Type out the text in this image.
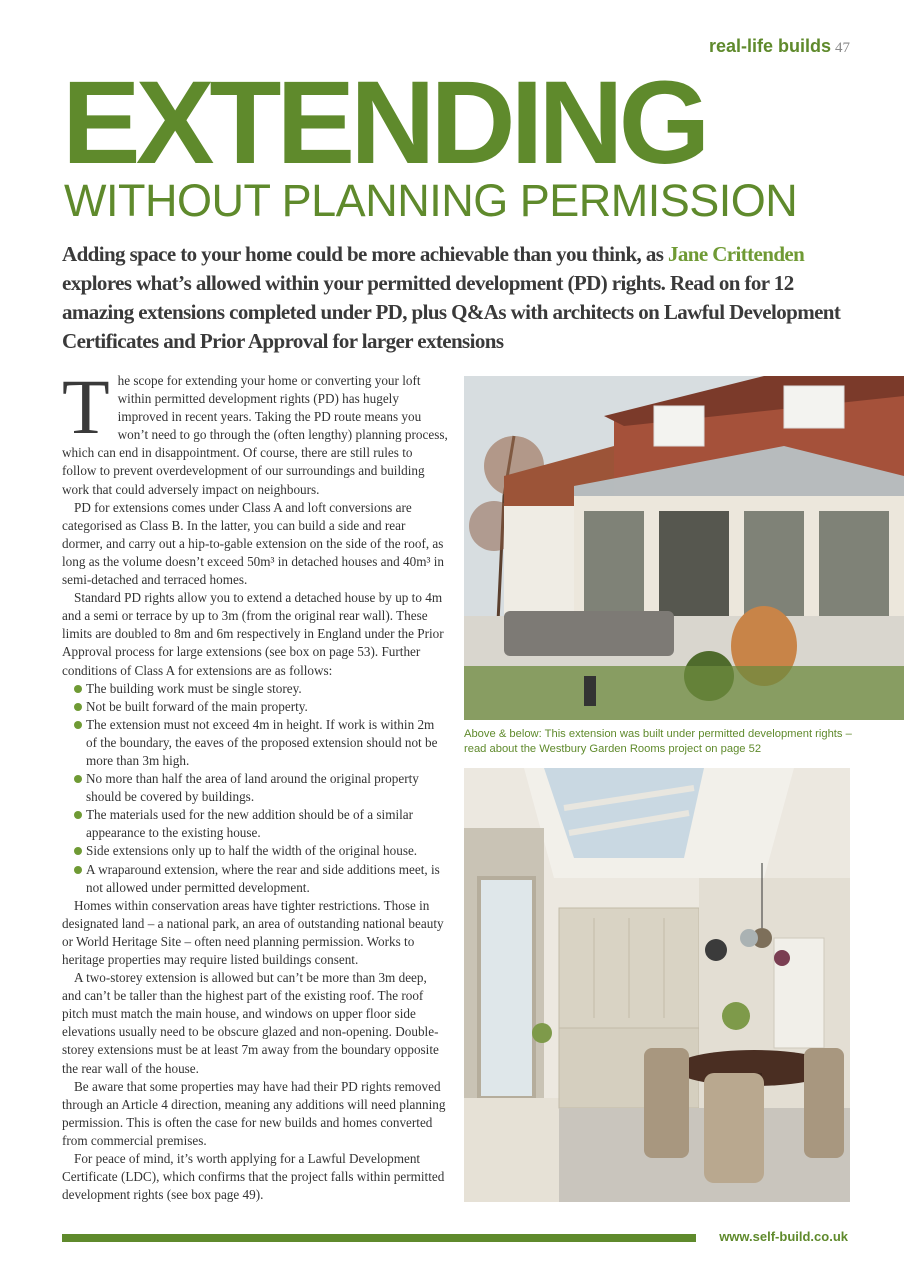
real-life builds 47
EXTENDING
WITHOUT PLANNING PERMISSION
Adding space to your home could be more achievable than you think, as Jane Crittenden explores what’s allowed within your permitted development (PD) rights. Read on for 12 amazing extensions completed under PD, plus Q&As with architects on Lawful Development Certificates and Prior Approval for larger extensions

The scope for extending your home or converting your loft within permitted development rights (PD) has hugely improved in recent years. Taking the PD route means you won’t need to go through the (often lengthy) planning process, which can end in disappointment. Of course, there are still rules to follow to prevent overdevelopment of our surroundings and building work that could adversely impact on neighbours.

PD for extensions comes under Class A and loft conversions are categorised as Class B. In the latter, you can build a side and rear dormer, and carry out a hip-to-gable extension on the side of the roof, as long as the volume doesn’t exceed 50m³ in detached houses and 40m³ in semi-detached and terraced homes.

Standard PD rights allow you to extend a detached house by up to 4m and a semi or terrace by up to 3m (from the original rear wall). These limits are doubled to 8m and 6m respectively in England under the Prior Approval process for large extensions (see box on page 53). Further conditions of Class A for extensions are as follows:

The building work must be single storey.
Not be built forward of the main property.
The extension must not exceed 4m in height. If work is within 2m of the boundary, the eaves of the proposed extension should not be more than 3m high.
No more than half the area of land around the original property should be covered by buildings.
The materials used for the new addition should be of a similar appearance to the existing house.
Side extensions only up to half the width of the original house.
A wraparound extension, where the rear and side additions meet, is not allowed under permitted development.

Homes within conservation areas have tighter restrictions. Those in designated land – a national park, an area of outstanding national beauty or World Heritage Site – often need planning permission. Works to heritage properties may require listed buildings consent.

A two-storey extension is allowed but can’t be more than 3m deep, and can’t be taller than the highest part of the existing roof. The roof pitch must match the main house, and windows on upper floor side elevations usually need to be obscure glazed and non-opening. Double-storey extensions must be at least 7m away from the boundary opposite the rear wall of the house.

Be aware that some properties may have had their PD rights removed through an Article 4 direction, meaning any additions will need planning permission. This is often the case for new builds and homes converted from commercial premises.

For peace of mind, it’s worth applying for a Lawful Development Certificate (LDC), which confirms that the project falls within permitted development rights (see box page 49).

Above & below: This extension was built under permitted development rights – read about the Westbury Garden Rooms project on page 52
www.self-build.co.uk
